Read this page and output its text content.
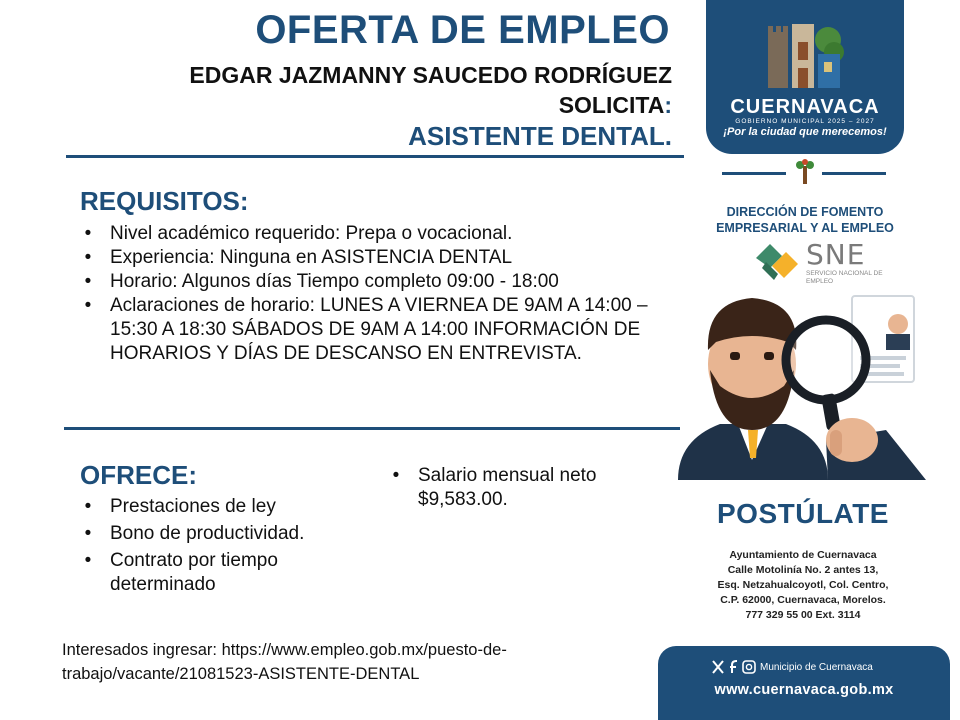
OFERTA DE EMPLEO
EDGAR JAZMANNY SAUCEDO RODRÍGUEZ
SOLICITA:
ASISTENTE DENTAL.
REQUISITOS:
• Nivel académico requerido: Prepa o vocacional.
• Experiencia: Ninguna en ASISTENCIA DENTAL
• Horario: Algunos días Tiempo completo 09:00 - 18:00
• Aclaraciones de horario: LUNES A VIERNEA DE 9AM A 14:00 – 15:30 A 18:30 SÁBADOS DE 9AM A 14:00 INFORMACIÓN DE HORARIOS Y DÍAS DE DESCANSO EN ENTREVISTA.
OFRECE:
• Prestaciones de ley
• Bono de productividad.
• Contrato por tiempo determinado
• Salario mensual neto $9,583.00.
Interesados ingresar: https://www.empleo.gob.mx/puesto-de-trabajo/vacante/21081523-ASISTENTE-DENTAL
CUERNAVACA
GOBIERNO MUNICIPAL 2025 – 2027
¡Por la ciudad que merecemos!
DIRECCIÓN DE FOMENTO EMPRESARIAL Y AL EMPLEO
SNE
SERVICIO NACIONAL DE EMPLEO
POSTÚLATE
Ayuntamiento de Cuernavaca
Calle Motolinía No. 2 antes 13,
Esq. Netzahualcoyotl, Col. Centro,
C.P. 62000, Cuernavaca, Morelos.
777 329 55 00 Ext. 3114
Municipio de Cuernavaca
www.cuernavaca.gob.mx
